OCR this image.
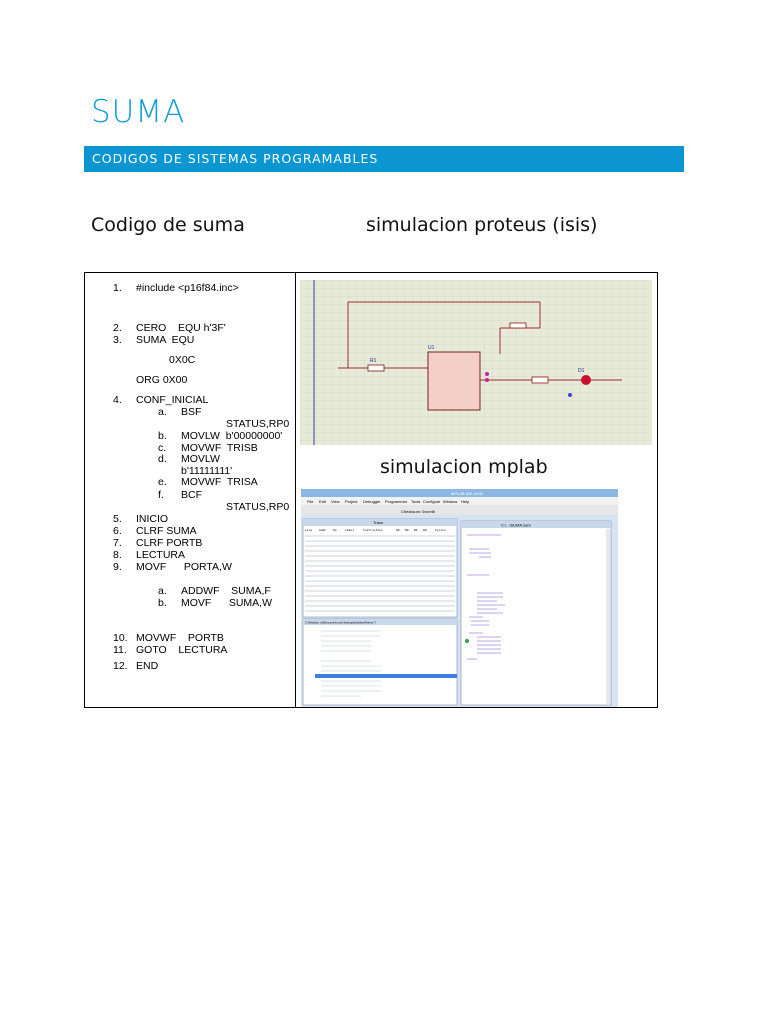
SUMA
CODIGOS DE SISTEMAS PROGRAMABLES
Codigo de suma	simulacion proteus (isis)
1. #include <p16f84.inc>
2. CERO    EQU h'3F'
3. SUMA  EQU
0X0C
ORG 0X00
4. CONF_INICIAL
a. BSF
STATUS,RP0
b. MOVLW  b'00000000'
c. MOVWF  TRISB
d. MOVLW
b'11111111'
e. MOVWF  TRISA
f. BCF
STATUS,RP0
5. INICIO
6. CLRF SUMA
7. CLRF PORTB
8. LECTURA
9. MOVF      PORTA,W
a. ADDWF    SUMA,F
b. MOVF      SUMA,W
10. MOVWF    PORTB
11. GOTO    LECTURA
12. END
R1
U1
D1
simulacion mplab
MPLAB IDE v8.92
File Edit View Project Debugger Programmer Tools Configure Window Help
Checksum: 0xce4b
Trace
Line Addr Op	Label	Instruction	SA SD DA DD	Cycles
C:\Windows .old\Documents and Settings\jredolfoss\Partron 7
C:\...\SUMA.asm
